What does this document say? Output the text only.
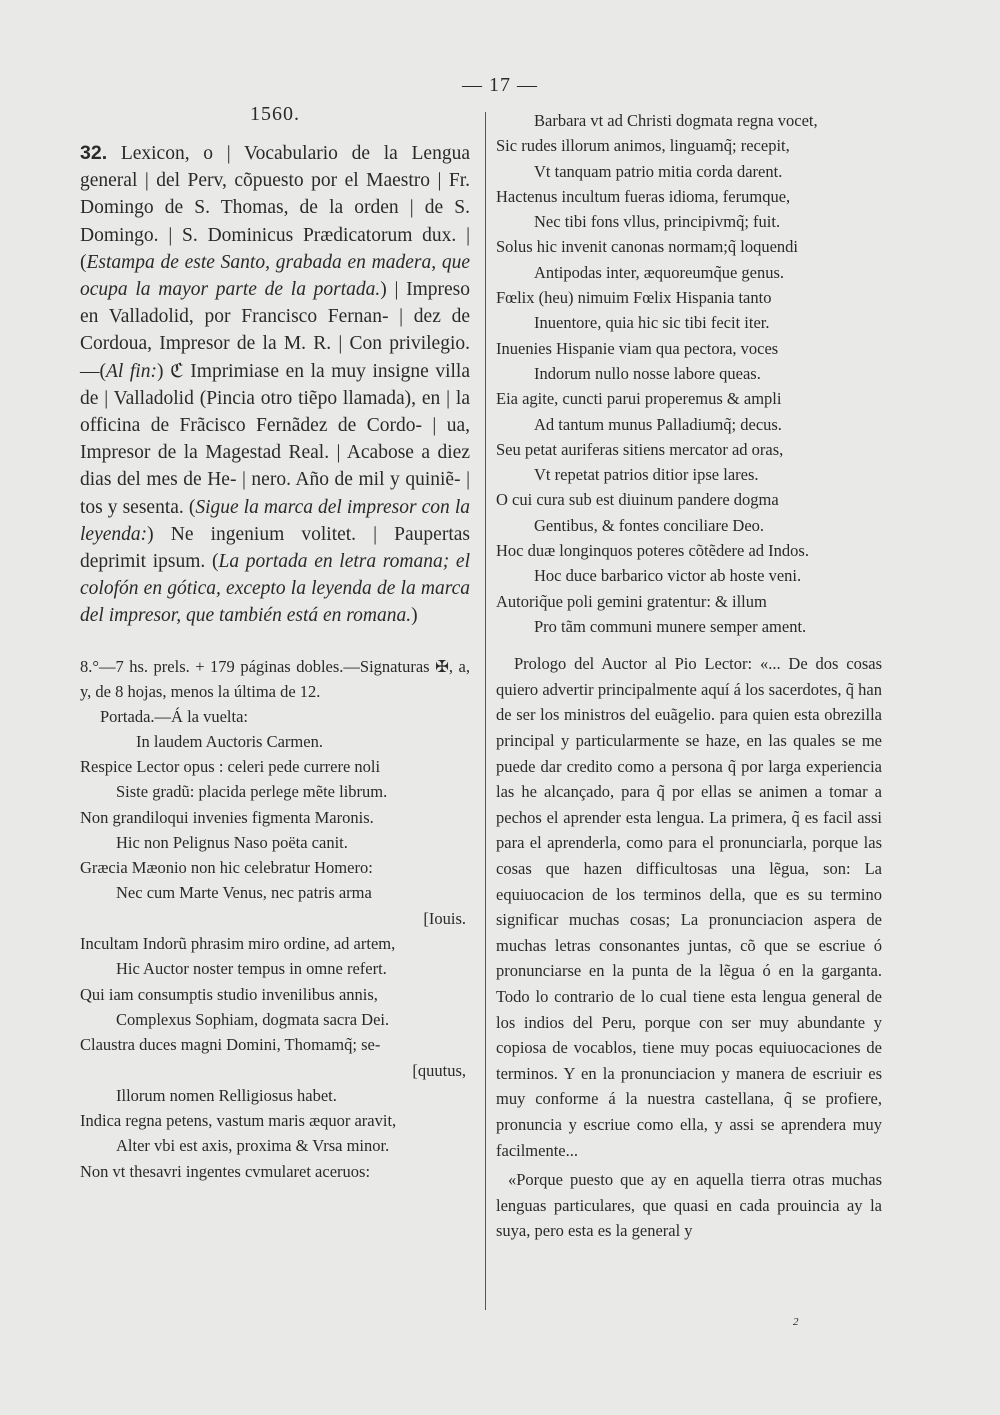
— 17 —
1560.

32. Lexicon, o | Vocabulario de la Lengua general | del Perv, cõpuesto por el Maestro | Fr. Domingo de S. Thomas, de la orden | de S. Domingo. | S. Dominicus Prædicatorum dux. | (Estampa de este Santo, grabada en madera, que ocupa la mayor parte de la portada.) | Impreso en Valladolid, por Francisco Fernan- | dez de Cordoua, Impresor de la M. R. | Con privilegio.—(Al fin:) ℭ Imprimiase en la muy insigne villa de | Valladolid (Pincia otro tiẽpo llamada), en | la officina de Frãcisco Fernãdez de Cordo- | ua, Impresor de la Magestad Real. | Acabose a diez dias del mes de He- | nero. Año de mil y quiniẽ- | tos y sesenta. (Sigue la marca del impresor con la leyenda:) Ne ingenium volitet. | Paupertas deprimit ipsum. (La portada en letra romana; el colofón en gótica, excepto la leyenda de la marca del impresor, que también está en romana.)

8.°—7 hs. prels. + 179 páginas dobles.—Signaturas ✠, a, y, de 8 hojas, menos la última de 12.

Portada.—Á la vuelta:

In laudem Auctoris Carmen.
Respice Lector opus : celeri pede currere noli
Siste gradũ: placida perlege mẽte librum.
Non grandiloqui invenies figmenta Maronis.
Hic non Pelignus Naso poëta canit.
Græcia Mæonio non hic celebratur Homero:
Nec cum Marte Venus, nec patris arma
[Iouis.
Incultam Indorũ phrasim miro ordine, ad artem,
Hic Auctor noster tempus in omne refert.
Qui iam consumptis studio invenilibus annis,
Complexus Sophiam, dogmata sacra Dei.
Claustra duces magni Domini, Thomamq̃; se-
[quutus,
Illorum nomen Relligiosus habet.
Indica regna petens, vastum maris æquor aravit,
Alter vbi est axis, proxima & Vrsa minor.
Non vt thesavri ingentes cvmularet aceruos:
Barbara vt ad Christi dogmata regna vocet,
Sic rudes illorum animos, linguamq̃; recepit,
Vt tanquam patrio mitia corda darent.
Hactenus incultum fueras idioma, ferumque,
Nec tibi fons vllus, principivmq̃; fuit.
Solus hic invenit canonas normam;q̃ loquendi
Antipodas inter, æquoreumq̃ue genus.
Fœlix (heu) nimuim Fœlix Hispania tanto
Inuentore, quia hic sic tibi fecit iter.
Inuenies Hispanie viam qua pectora, voces
Indorum nullo nosse labore queas.
Eia agite, cuncti parui properemus & ampli
Ad tantum munus Palladiumq̃; decus.
Seu petat auriferas sitiens mercator ad oras,
Vt repetat patrios ditior ipse lares.
O cui cura sub est diuinum pandere dogma
Gentibus, & fontes conciliare Deo.
Hoc duæ longinquos poteres cõtẽdere ad Indos.
Hoc duce barbarico victor ab hoste veni.
Autoriq̃ue poli gemini gratentur: & illum
Pro tãm communi munere semper ament.

Prologo del Auctor al Pio Lector: «... De dos cosas quiero advertir principalmente aquí á los sacerdotes, q̃ han de ser los ministros del euãgelio. para quien esta obrezilla principal y particularmente se haze, en las quales se me puede dar credito como a persona q̃ por larga experiencia las he alcançado, para q̃ por ellas se animen a tomar a pechos el aprender esta lengua. La primera, q̃ es facil assi para el aprenderla, como para el pronunciarla, porque las cosas que hazen difficultosas una lẽgua, son: La equiuocacion de los terminos della, que es su termino significar muchas cosas; La pronunciacion aspera de muchas letras consonantes juntas, cõ que se escriue ó pronunciarse en la punta de la lẽgua ó en la garganta. Todo lo contrario de lo cual tiene esta lengua general de los indios del Peru, porque con ser muy abundante y copiosa de vocablos, tiene muy pocas equiuocaciones de terminos. Y en la pronunciacion y manera de escriuir es muy conforme á la nuestra castellana, q̃ se profiere, pronuncia y escriue como ella, y assi se aprendera muy facilmente...

«Porque puesto que ay en aquella tierra otras muchas lenguas particulares, que quasi en cada prouincia ay la suya, pero esta es la general y

2
